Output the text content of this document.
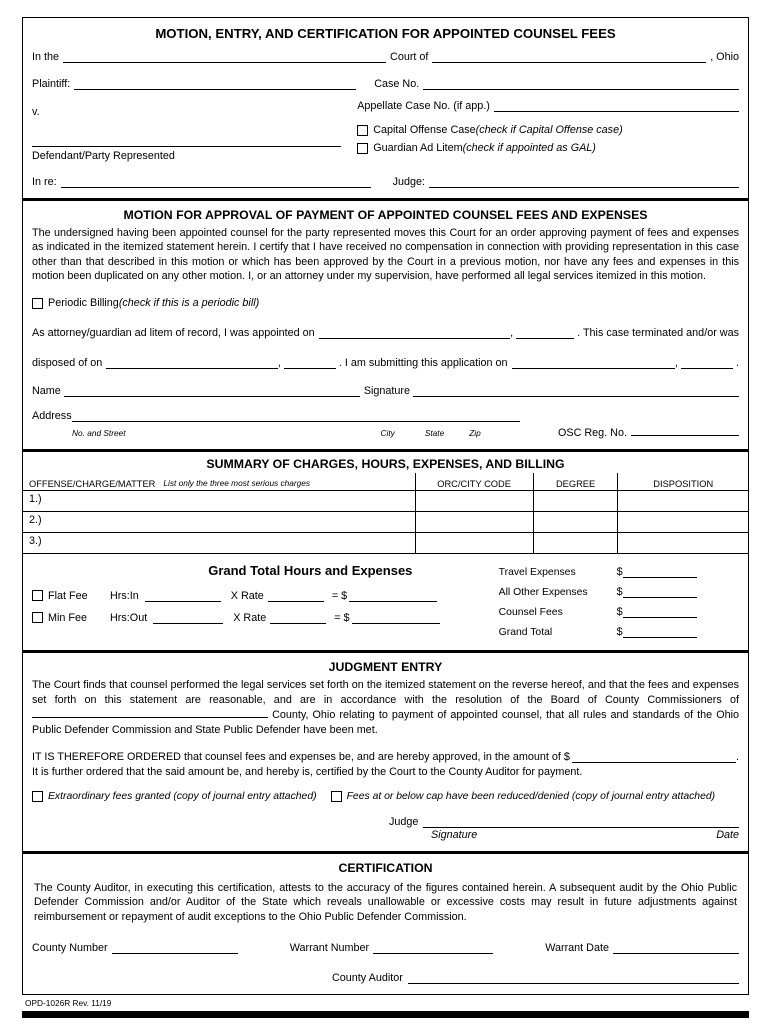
MOTION, ENTRY, AND CERTIFICATION FOR APPOINTED COUNSEL FEES
In the	Court of	, Ohio
Plaintiff:	Case No.
v.
Defendant/Party Represented
Appellate Case No. (if app.)
Capital Offense Case (check if Capital Offense case)
Guardian Ad Litem (check if appointed as GAL)
In re:	Judge:
MOTION FOR APPROVAL OF PAYMENT OF APPOINTED COUNSEL FEES AND EXPENSES
The undersigned having been appointed counsel for the party represented moves this Court for an order approving payment of fees and expenses as indicated in the itemized statement herein. I certify that I have received no compensation in connection with providing representation in this case other than that described in this motion or which has been approved by the Court in a previous motion, nor have any fees and expenses in this motion been duplicated on any other motion. I, or an attorney under my supervision, have performed all legal services itemized in this motion.
Periodic Billing (check if this is a periodic bill)
As attorney/guardian ad litem of record, I was appointed on	,	. This case terminated and/or was
disposed of on	,	. I am submitting this application on	,	.
Name	Signature
Address
No. and Street	City	State	Zip	OSC Reg. No.
SUMMARY OF CHARGES, HOURS, EXPENSES, AND BILLING
OFFENSE/CHARGE/MATTER List only the three most serious charges	ORC/CITY CODE	DEGREE	DISPOSITION
1.)
2.)
3.)
Grand Total Hours and Expenses
Flat Fee	Hrs:In	X Rate	= $
Min Fee	Hrs:Out	X Rate	= $
Travel Expenses	$
All Other Expenses	$
Counsel Fees	$
Grand Total	$
JUDGMENT ENTRY
The Court finds that counsel performed the legal services set forth on the itemized statement on the reverse hereof, and that the fees and expenses set forth on this statement are reasonable, and are in accordance with the resolution of the Board of County Commissioners of  County, Ohio relating to payment of appointed counsel, that all rules and standards of the Ohio Public Defender Commission and State Public Defender have been met.
IT IS THEREFORE ORDERED that counsel fees and expenses be, and are hereby approved, in the amount of $	.
It is further ordered that the said amount be, and hereby is, certified by the Court to the County Auditor for payment.
Extraordinary fees granted (copy of journal entry attached)	Fees at or below cap have been reduced/denied (copy of journal entry attached)
Judge
Signature	Date
CERTIFICATION
The County Auditor, in executing this certification, attests to the accuracy of the figures contained herein. A subsequent audit by the Ohio Public Defender Commission and/or Auditor of the State which reveals unallowable or excessive costs may result in future adjustments against reimbursement or repayment of audit exceptions to the Ohio Public Defender Commission.
County Number	Warrant Number	Warrant Date
County Auditor
OPD-1026R Rev. 11/19
